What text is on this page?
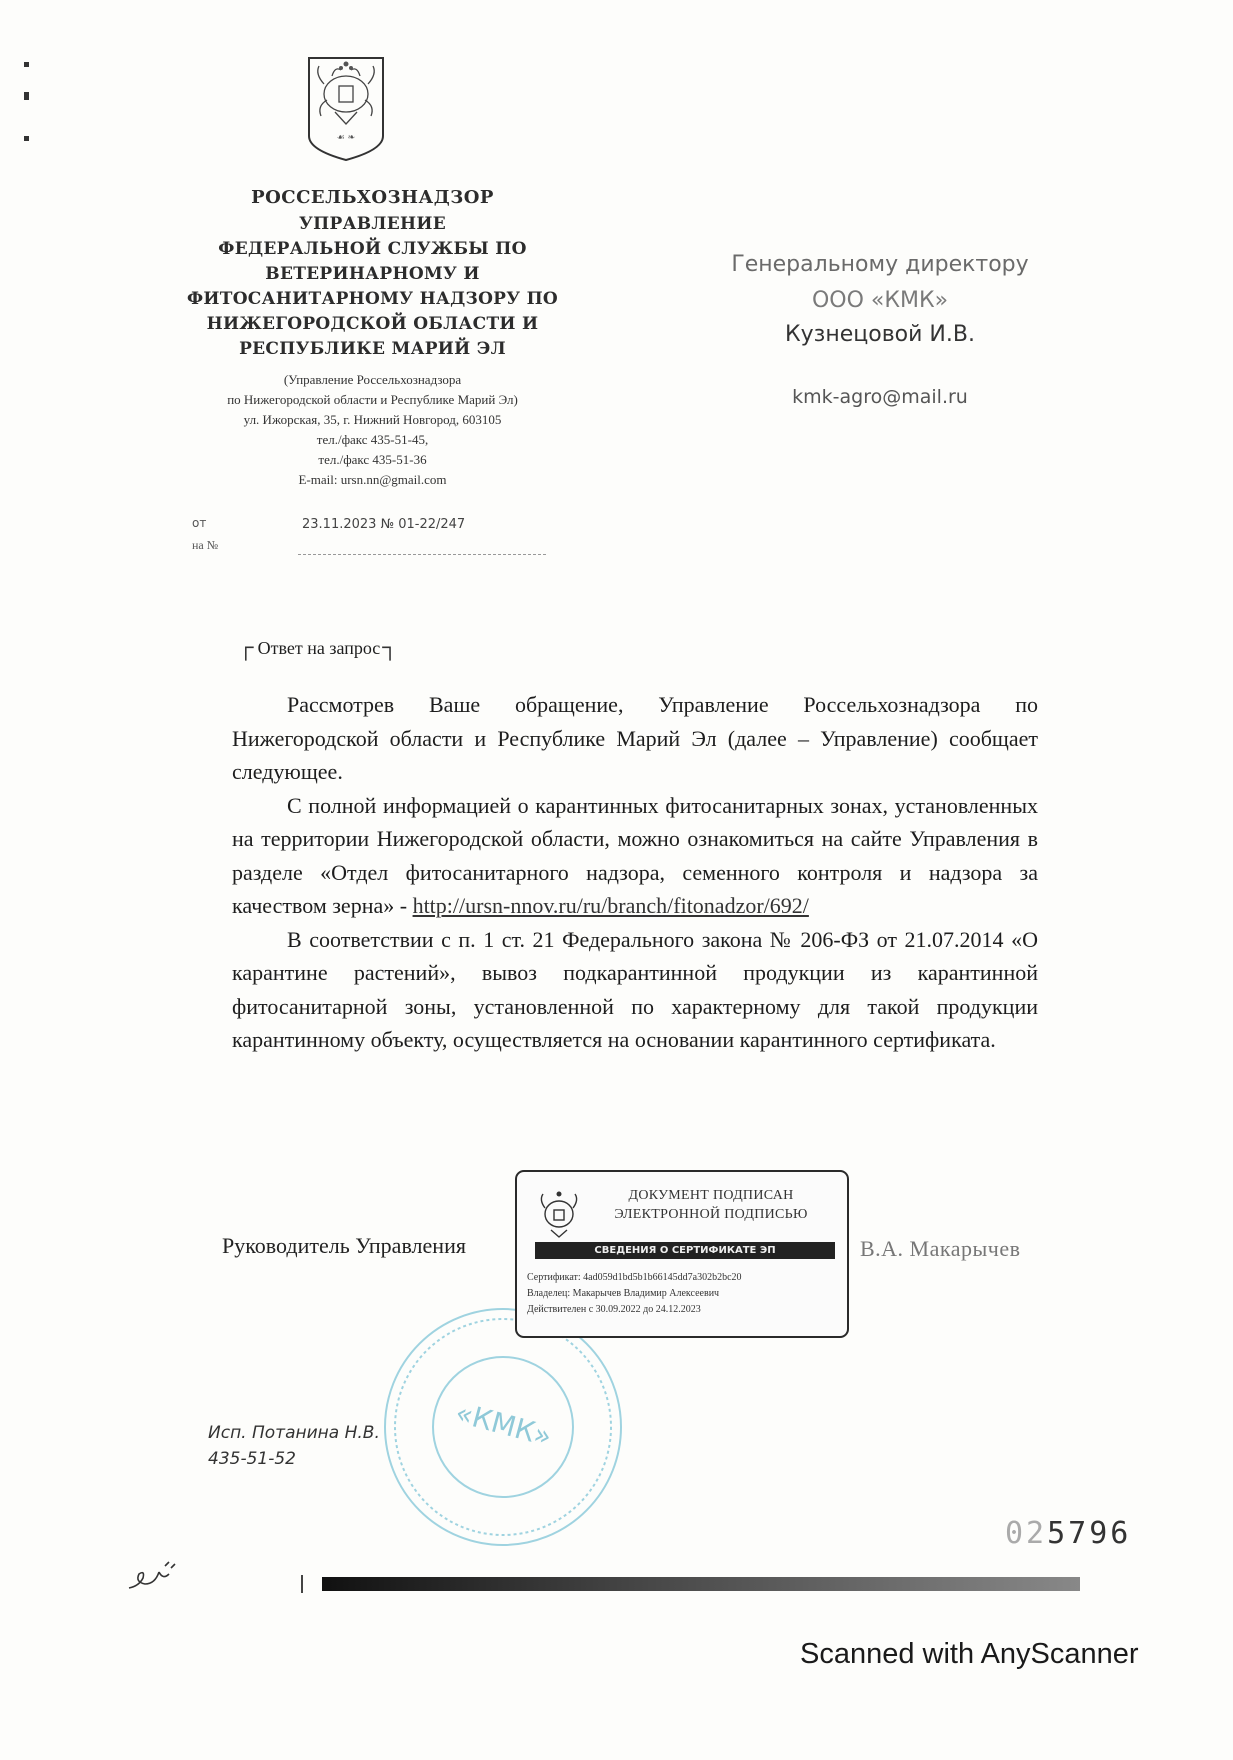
☙ ❧
РОССЕЛЬХОЗНАДЗОР
УПРАВЛЕНИЕ
ФЕДЕРАЛЬНОЙ СЛУЖБЫ ПО
ВЕТЕРИНАРНОМУ И
ФИТОСАНИТАРНОМУ НАДЗОРУ ПО
НИЖЕГОРОДСКОЙ ОБЛАСТИ И
РЕСПУБЛИКЕ МАРИЙ ЭЛ
(Управление Россельхознадзора
по Нижегородской области и Республике Марий Эл)
ул. Ижорская, 35, г. Нижний Новгород, 603105
тел./факс 435-51-45,
тел./факс 435-51-36
E-mail: ursn.nn@gmail.com
от	23.11.2023 № 01-22/247
на №
Генеральному директору
ООО «КМК»
Кузнецовой И.В.
kmk-agro@mail.ru
┌ Ответ на запрос ┐

Рассмотрев Ваше обращение, Управление Россельхознадзора по Нижегородской области и Республике Марий Эл (далее – Управление) сообщает следующее.

С полной информацией о карантинных фитосанитарных зонах, установленных на территории Нижегородской области, можно ознакомиться на сайте Управления в разделе «Отдел фитосанитарного надзора, семенного контроля и надзора за качеством зерна» - http://ursn-nnov.ru/ru/branch/fitonadzor/692/

В соответствии с п. 1 ст. 21 Федерального закона № 206-ФЗ от 21.07.2014 «О карантине растений», вывоз подкарантинной продукции из карантинной фитосанитарной зоны, установленной по характерному для такой продукции карантинному объекту, осуществляется на основании карантинного сертификата.

«КМК»
Руководитель Управления
ДОКУМЕНТ ПОДПИСАН
ЭЛЕКТРОННОЙ ПОДПИСЬЮ
СВЕДЕНИЯ О СЕРТИФИКАТЕ ЭП
Сертификат: 4ad059d1bd5b1b66145dd7a302b2bc20
Владелец: Макарычев Владимир Алексеевич
Действителен с 30.09.2022 до 24.12.2023
В.А. Макарычев
Исп. Потанина Н.В.
435-51-52
025796
Scanned with AnyScanner
